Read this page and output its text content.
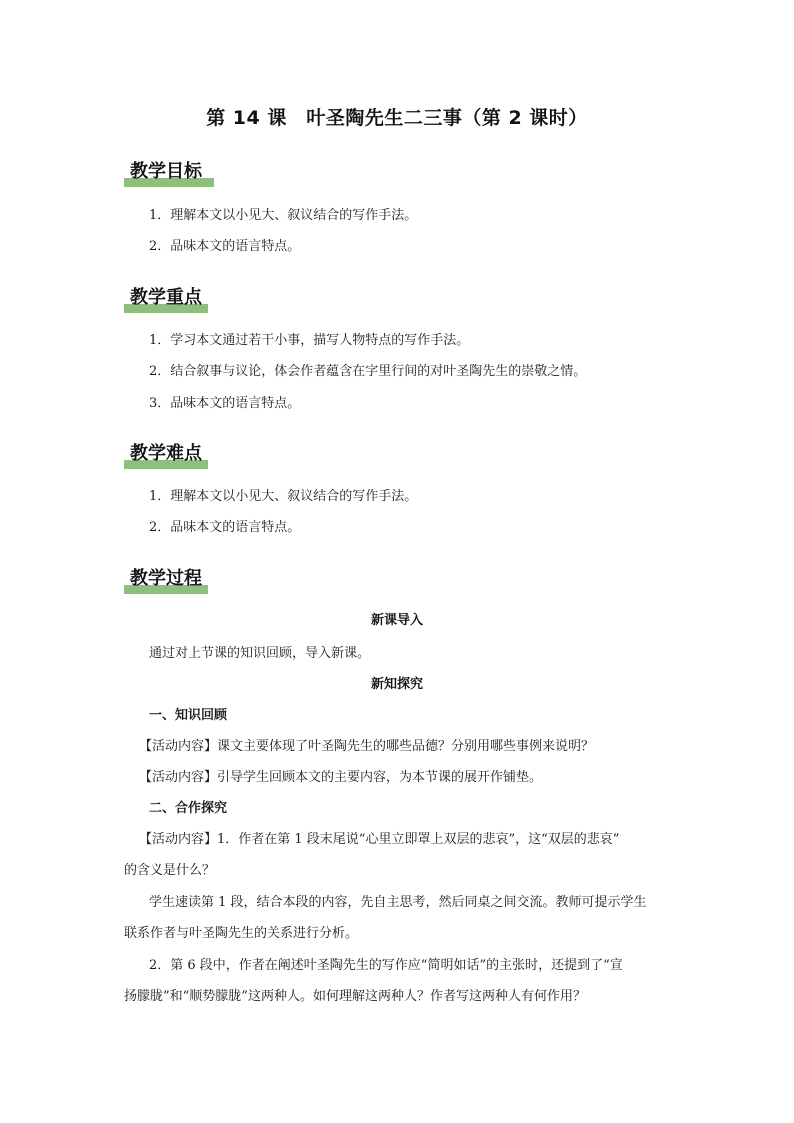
第 14 课　叶圣陶先生二三事（第 2 课时）
教学目标
1．理解本文以小见大、叙议结合的写作手法。
2．品味本文的语言特点。
教学重点
1．学习本文通过若干小事，描写人物特点的写作手法。
2．结合叙事与议论，体会作者蕴含在字里行间的对叶圣陶先生的崇敬之情。
3．品味本文的语言特点。
教学难点
1．理解本文以小见大、叙议结合的写作手法。
2．品味本文的语言特点。
教学过程
新课导入
通过对上节课的知识回顾，导入新课。
新知探究
一、知识回顾
【活动内容】课文主要体现了叶圣陶先生的哪些品德？分别用哪些事例来说明？
【活动内容】引导学生回顾本文的主要内容，为本节课的展开作铺垫。
二、合作探究
【活动内容】1．作者在第 1 段末尾说“心里立即罩上双层的悲哀”，这“双层的悲哀”
的含义是什么？
学生速读第 1 段，结合本段的内容，先自主思考，然后同桌之间交流。教师可提示学生
联系作者与叶圣陶先生的关系进行分析。
2．第 6 段中，作者在阐述叶圣陶先生的写作应“简明如话”的主张时，还提到了“宣
扬朦胧”和“顺势朦胧”这两种人。如何理解这两种人？作者写这两种人有何作用？
